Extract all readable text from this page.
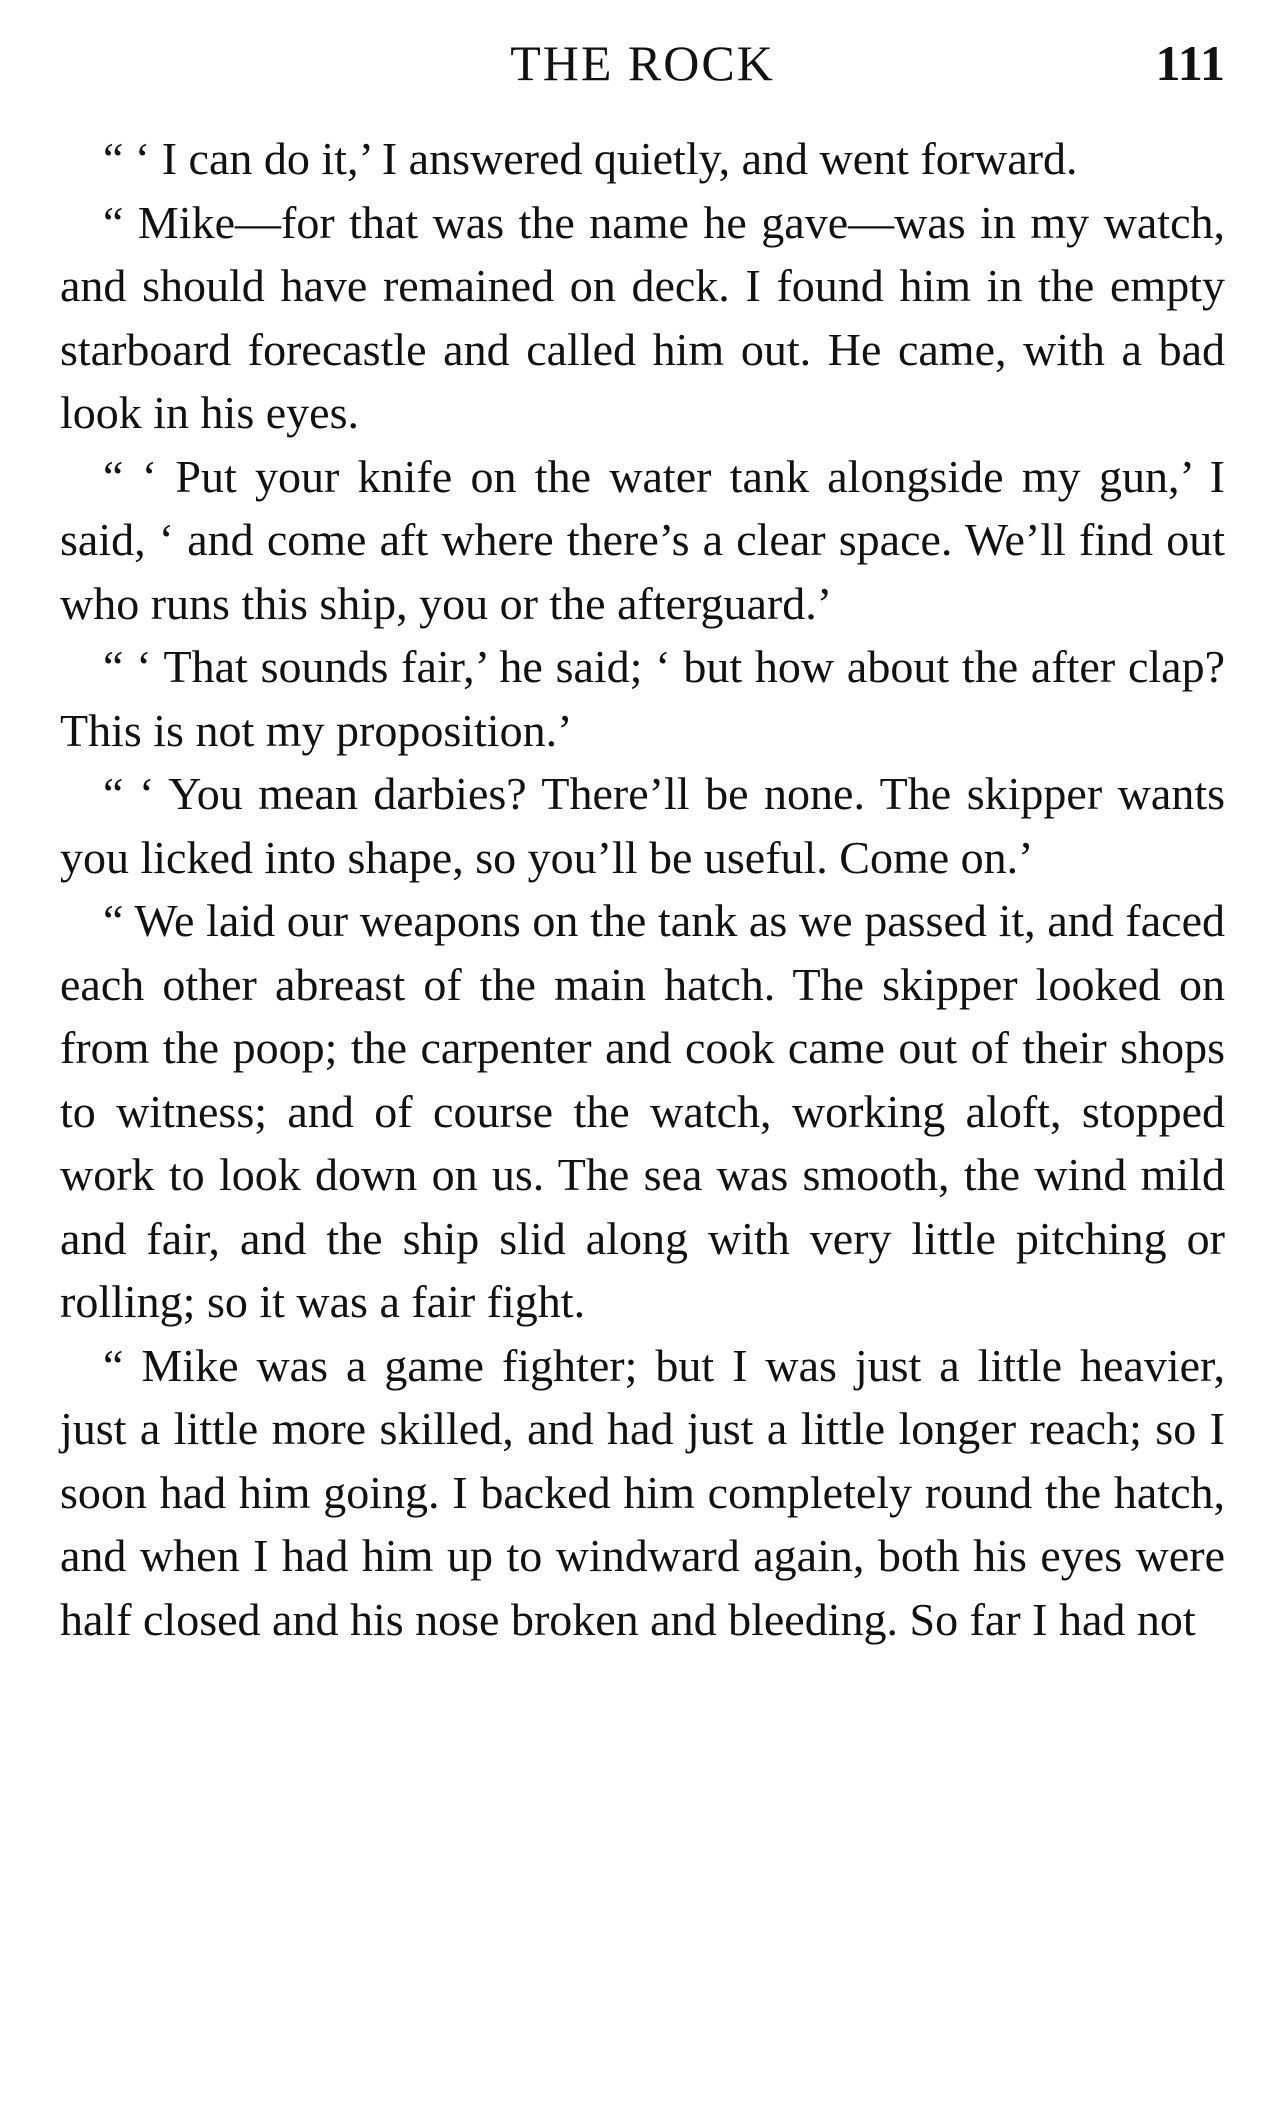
THE ROCK	111

“ ‘ I can do it,’ I answered quietly, and went forward.

“ Mike—for that was the name he gave—was in my watch, and should have remained on deck. I found him in the empty starboard forecastle and called him out. He came, with a bad look in his eyes.

“ ‘ Put your knife on the water tank alongside my gun,’ I said, ‘ and come aft where there’s a clear space. We’ll find out who runs this ship, you or the afterguard.’

“ ‘ That sounds fair,’ he said; ‘ but how about the after clap? This is not my proposition.’

“ ‘ You mean darbies? There’ll be none. The skipper wants you licked into shape, so you’ll be useful. Come on.’

“ We laid our weapons on the tank as we passed it, and faced each other abreast of the main hatch. The skipper looked on from the poop; the carpenter and cook came out of their shops to witness; and of course the watch, working aloft, stopped work to look down on us. The sea was smooth, the wind mild and fair, and the ship slid along with very little pitching or rolling; so it was a fair fight.

“ Mike was a game fighter; but I was just a little heavier, just a little more skilled, and had just a little longer reach; so I soon had him going. I backed him completely round the hatch, and when I had him up to windward again, both his eyes were half closed and his nose broken and bleeding. So far I had not
